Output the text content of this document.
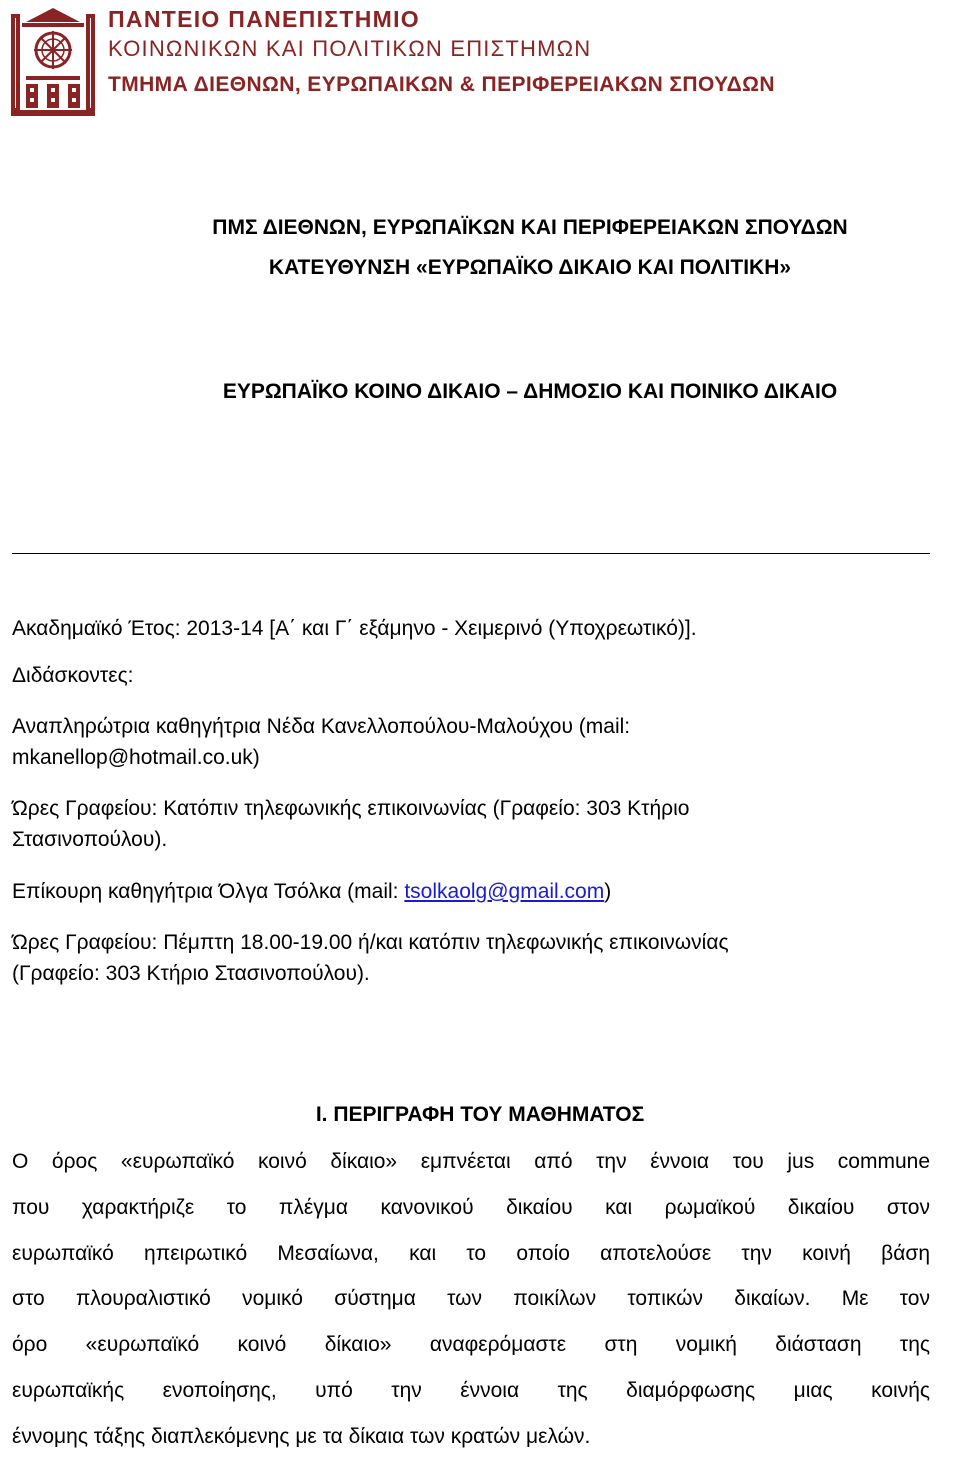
ΠΑΝΤΕΙΟ ΠΑΝΕΠΙΣΤΗΜΙΟ
ΚΟΙΝΩΝΙΚΩΝ ΚΑΙ ΠΟΛΙΤΙΚΩΝ ΕΠΙΣΤΗΜΩΝ
ΤΜΗΜΑ ΔΙΕΘΝΩΝ, ΕΥΡΩΠΑΙΚΩΝ & ΠΕΡΙΦΕΡΕΙΑΚΩΝ ΣΠΟΥΔΩΝ
ΠΜΣ ΔΙΕΘΝΩΝ, ΕΥΡΩΠΑΪΚΩΝ ΚΑΙ ΠΕΡΙΦΕΡΕΙΑΚΩΝ ΣΠΟΥΔΩΝ
ΚΑΤΕΥΘΥΝΣΗ «ΕΥΡΩΠΑΪΚΟ ΔΙΚΑΙΟ ΚΑΙ ΠΟΛΙΤΙΚΗ»
ΕΥΡΩΠΑΪΚΟ ΚΟΙΝΟ ΔΙΚΑΙΟ – ΔΗΜΟΣΙΟ ΚΑΙ ΠΟΙΝΙΚΟ ΔΙΚΑΙΟ
Ακαδημαϊκό Έτος: 2013-14 [Α΄ και Γ΄ εξάμηνο - Χειμερινό (Υποχρεωτικό)].
Διδάσκοντες:
Αναπληρώτρια καθηγήτρια Νέδα Κανελλοπούλου-Μαλούχου (mail:
mkanellop@hotmail.co.uk)
Ώρες Γραφείου: Κατόπιν τηλεφωνικής επικοινωνίας (Γραφείο: 303 Κτήριο
Στασινοπούλου).
Επίκουρη καθηγήτρια Όλγα Τσόλκα (mail: tsolkaolg@gmail.com)
Ώρες Γραφείου: Πέμπτη 18.00-19.00 ή/και κατόπιν τηλεφωνικής επικοινωνίας
(Γραφείο: 303 Κτήριο Στασινοπούλου).
Ι. ΠΕΡΙΓΡΑΦΗ ΤΟΥ ΜΑΘΗΜΑΤΟΣ
Ο όρος «ευρωπαϊκό κοινό δίκαιο» εμπνέεται από την έννοια του jus commune
που χαρακτήριζε το πλέγμα κανονικού δικαίου και ρωμαϊκού δικαίου στον
ευρωπαϊκό ηπειρωτικό Μεσαίωνα, και το οποίο αποτελούσε την κοινή βάση
στο πλουραλιστικό νομικό σύστημα των ποικίλων τοπικών δικαίων. Με τον
όρο «ευρωπαϊκό κοινό δίκαιο» αναφερόμαστε στη νομική διάσταση της
ευρωπαϊκής ενοποίησης, υπό την έννοια της διαμόρφωσης μιας κοινής
έννομης τάξης διαπλεκόμενης με τα δίκαια των κρατών μελών.
